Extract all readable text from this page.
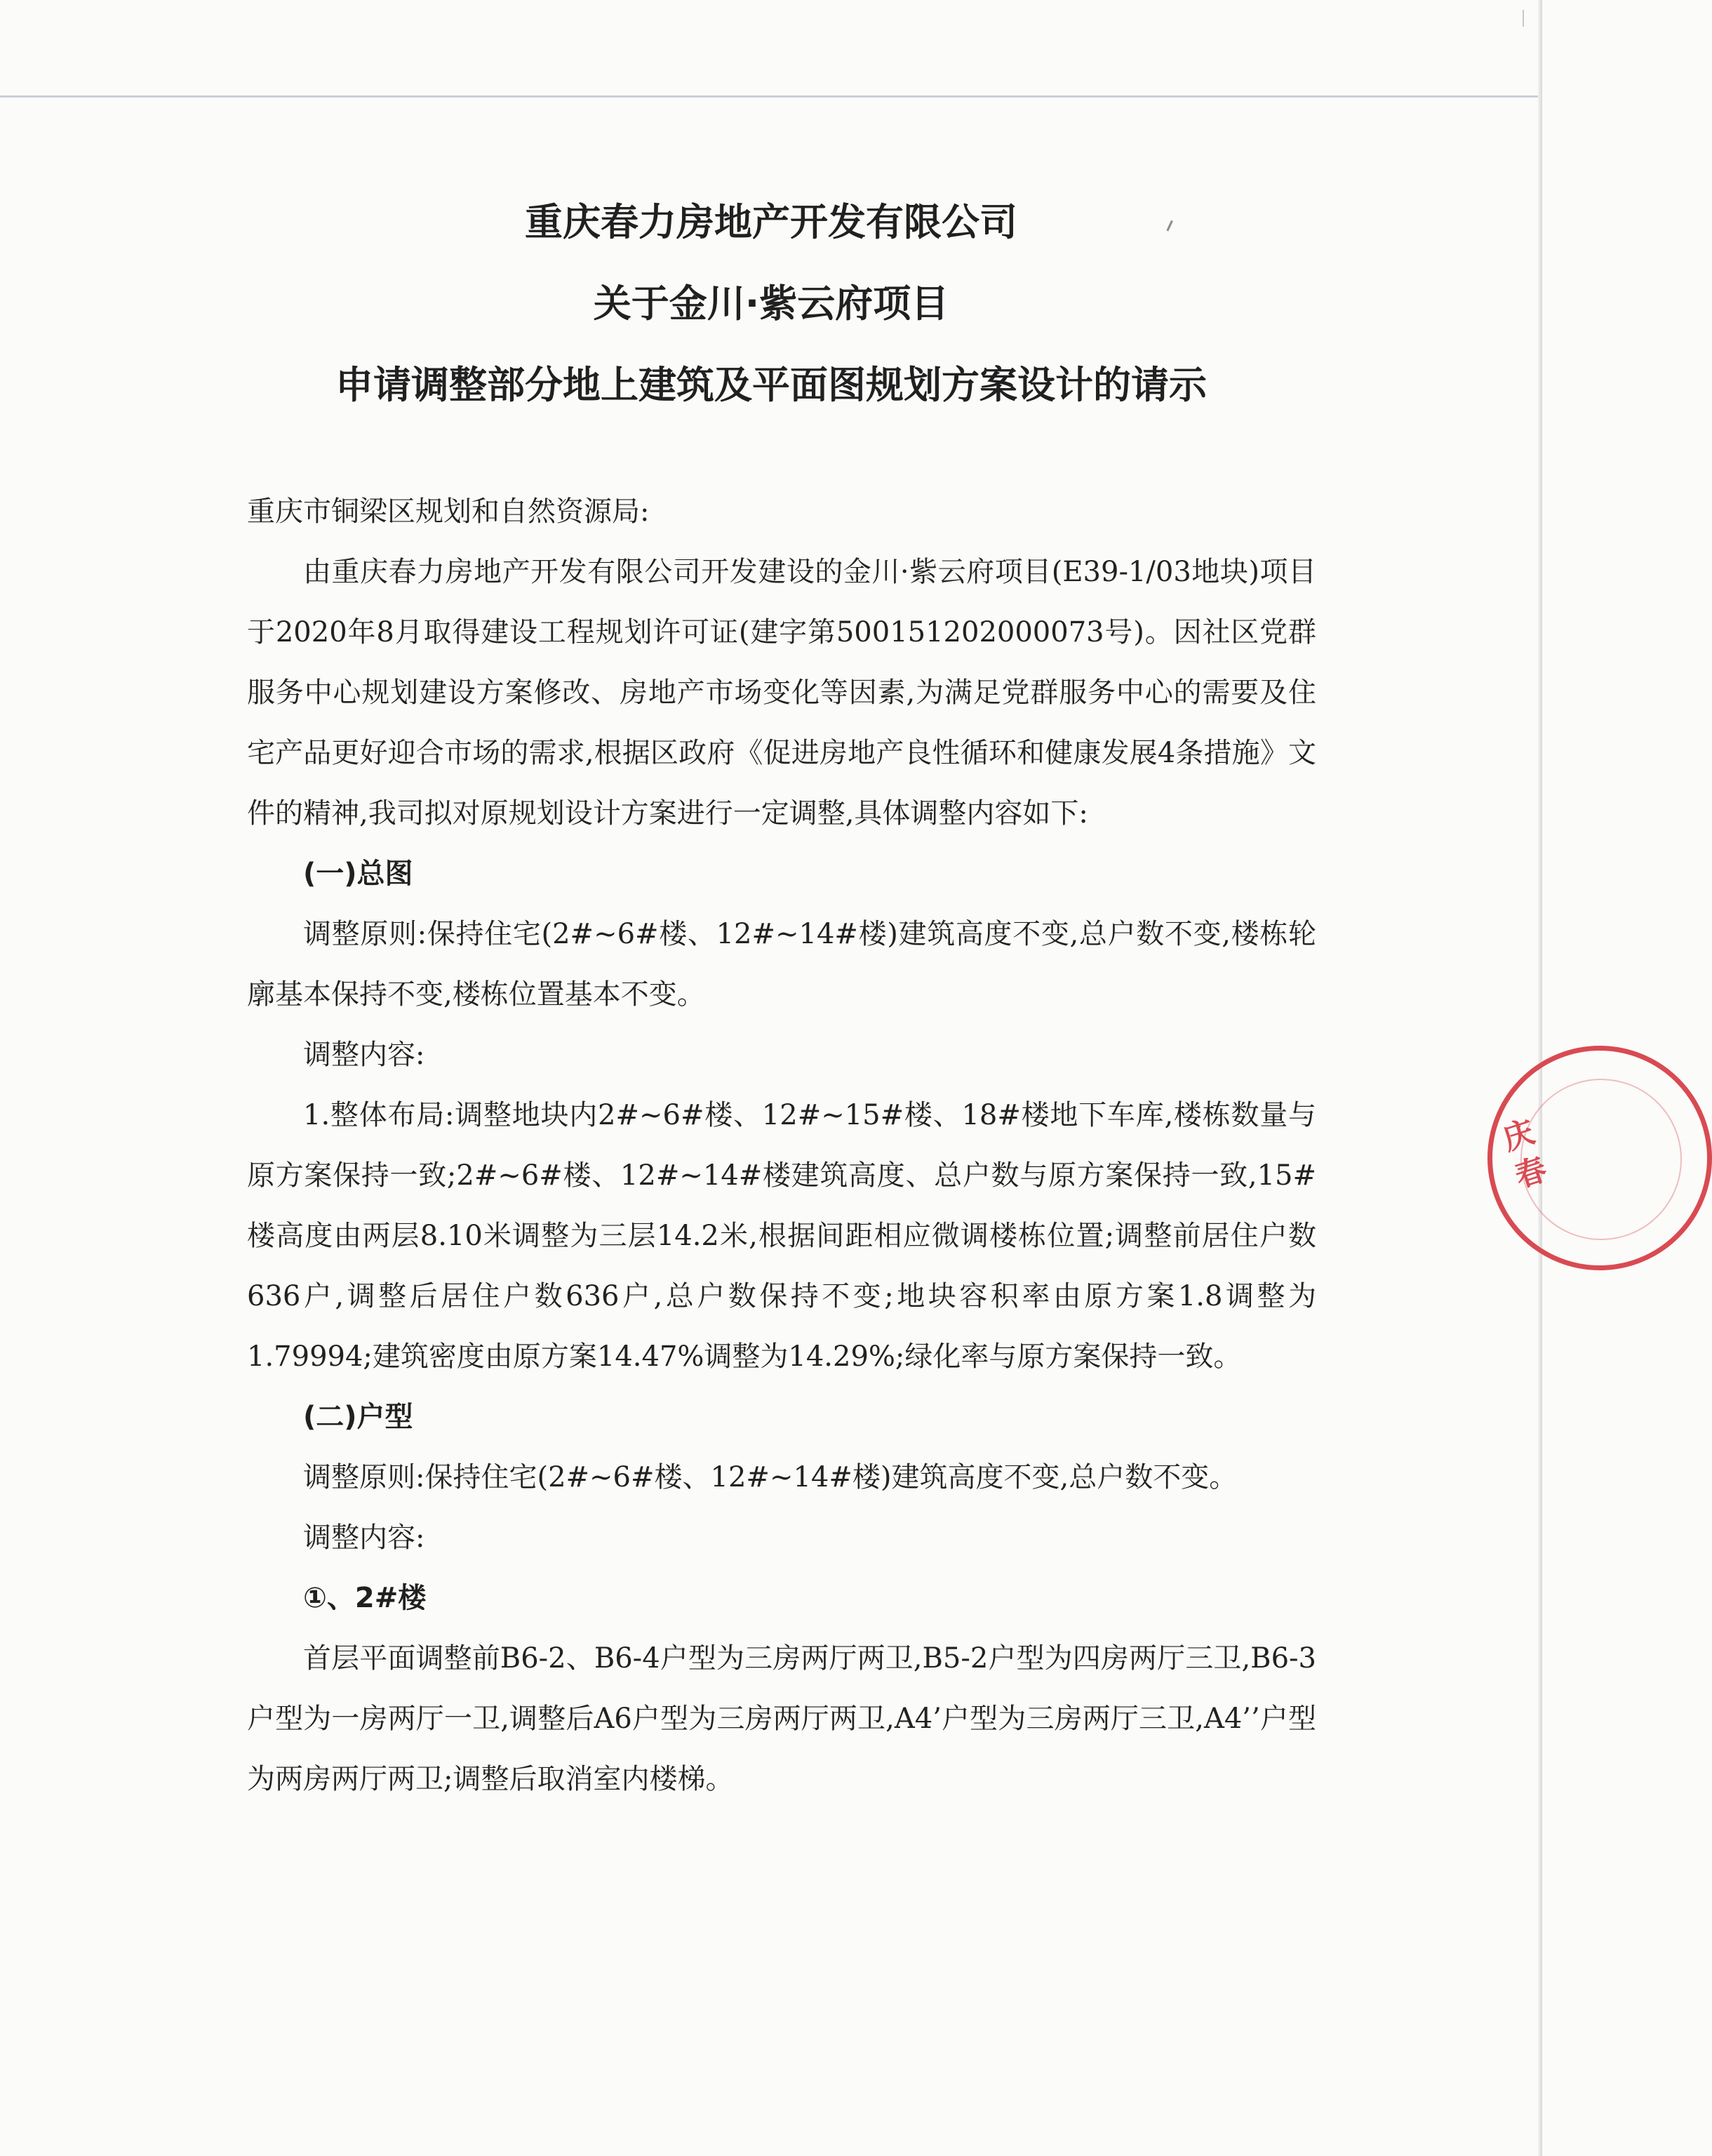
重庆春力房地产开发有限公司
关于金川·紫云府项目
申请调整部分地上建筑及平面图规划方案设计的请示

重庆市铜梁区规划和自然资源局:

由重庆春力房地产开发有限公司开发建设的金川·紫云府项目(E39-1/03地块)项目于2020年8月取得建设工程规划许可证(建字第500151202000073号)。因社区党群服务中心规划建设方案修改、房地产市场变化等因素,为满足党群服务中心的需要及住宅产品更好迎合市场的需求,根据区政府《促进房地产良性循环和健康发展4条措施》文件的精神,我司拟对原规划设计方案进行一定调整,具体调整内容如下:

(一)总图

调整原则:保持住宅(2#~6#楼、12#~14#楼)建筑高度不变,总户数不变,楼栋轮廓基本保持不变,楼栋位置基本不变。

调整内容:

1.整体布局:调整地块内2#~6#楼、12#~15#楼、18#楼地下车库,楼栋数量与原方案保持一致;2#~6#楼、12#~14#楼建筑高度、总户数与原方案保持一致,15#楼高度由两层8.10米调整为三层14.2米,根据间距相应微调楼栋位置;调整前居住户数636户,调整后居住户数636户,总户数保持不变;地块容积率由原方案1.8调整为1.79994;建筑密度由原方案14.47%调整为14.29%;绿化率与原方案保持一致。

(二)户型

调整原则:保持住宅(2#~6#楼、12#~14#楼)建筑高度不变,总户数不变。

调整内容:

①、2#楼

首层平面调整前B6-2、B6-4户型为三房两厅两卫,B5-2户型为四房两厅三卫,B6-3户型为一房两厅一卫,调整后A6户型为三房两厅两卫,A4’户型为三房两厅三卫,A4’’户型为两房两厅两卫;调整后取消室内楼梯。

庆春
